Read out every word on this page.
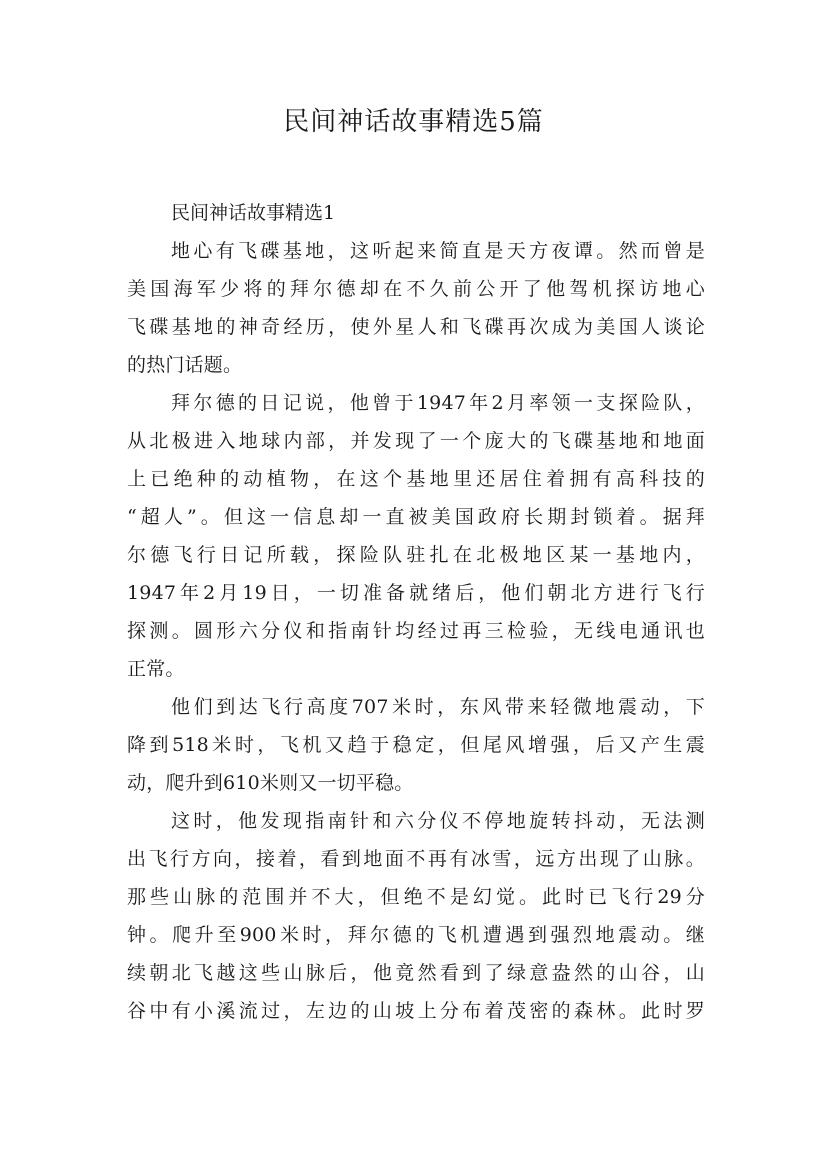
民间神话故事精选5篇

民间神话故事精选1

地心有飞碟基地，这听起来简直是天方夜谭。然而曾是
美国海军少将的拜尔德却在不久前公开了他驾机探访地心
飞碟基地的神奇经历，使外星人和飞碟再次成为美国人谈论
的热门话题。

拜尔德的日记说，他曾于1947年2月率领一支探险队，
从北极进入地球内部，并发现了一个庞大的飞碟基地和地面
上已绝种的动植物，在这个基地里还居住着拥有高科技的
“超人”。但这一信息却一直被美国政府长期封锁着。据拜
尔德飞行日记所载，探险队驻扎在北极地区某一基地内，
1947年2月19日，一切准备就绪后，他们朝北方进行飞行
探测。圆形六分仪和指南针均经过再三检验，无线电通讯也
正常。

他们到达飞行高度707米时，东风带来轻微地震动，下
降到518米时，飞机又趋于稳定，但尾风增强，后又产生震
动，爬升到610米则又一切平稳。

这时，他发现指南针和六分仪不停地旋转抖动，无法测
出飞行方向，接着，看到地面不再有冰雪，远方出现了山脉。
那些山脉的范围并不大，但绝不是幻觉。此时已飞行29分
钟。爬升至900米时，拜尔德的飞机遭遇到强烈地震动。继
续朝北飞越这些山脉后，他竟然看到了绿意盎然的山谷，山
谷中有小溪流过，左边的山坡上分布着茂密的森林。此时罗
